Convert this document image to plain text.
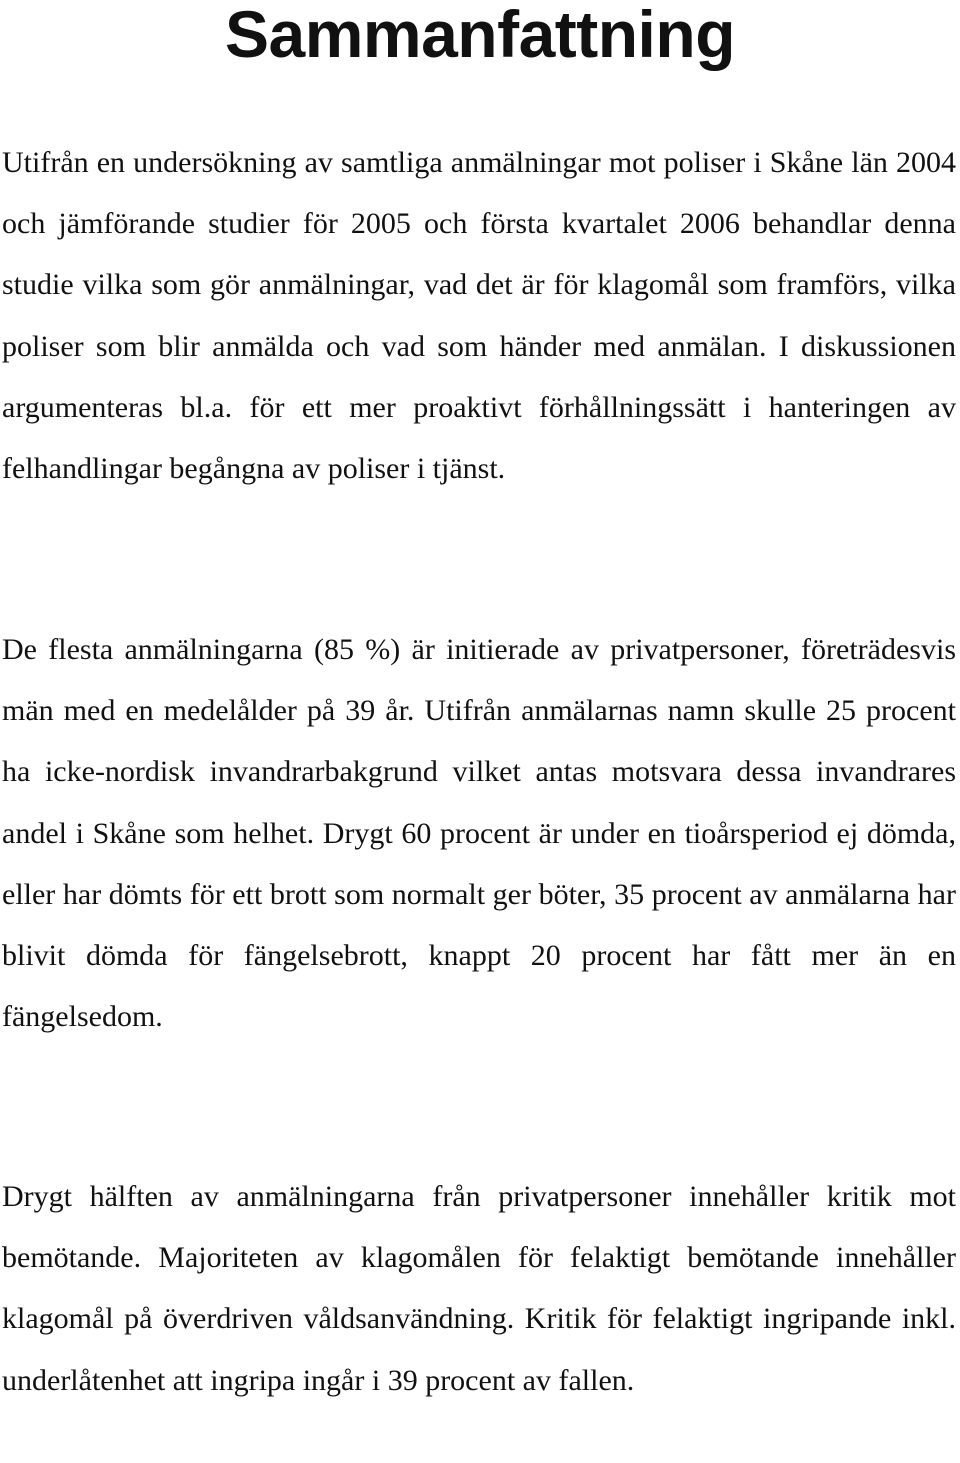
Sammanfattning

Utifrån en undersökning av samtliga anmälningar mot poliser i Skåne län 2004 och jämförande studier för 2005 och första kvartalet 2006 behandlar denna studie vilka som gör anmälningar, vad det är för klagomål som framförs, vilka poliser som blir anmälda och vad som händer med anmälan. I diskussionen argumenteras bl.a. för ett mer proaktivt förhållningssätt i hanteringen av felhandlingar begångna av poliser i tjänst.

De flesta anmälningarna (85 %) är initierade av privatpersoner, företrädesvis män med en medelålder på 39 år. Utifrån anmälarnas namn skulle 25 procent ha icke-nordisk invandrarbakgrund vilket antas motsvara dessa invandrares andel i Skåne som helhet. Drygt 60 procent är under en tioårsperiod ej dömda, eller har dömts för ett brott som normalt ger böter, 35 procent av anmälarna har blivit dömda för fängelsebrott, knappt 20 procent har fått mer än en fängelsedom.

Drygt hälften av anmälningarna från privatpersoner innehåller kritik mot bemötande. Majoriteten av klagomålen för felaktigt bemötande innehåller klagomål på överdriven våldsanvändning. Kritik för felaktigt ingripande inkl. underlåtenhet att ingripa ingår i 39 procent av fallen.
